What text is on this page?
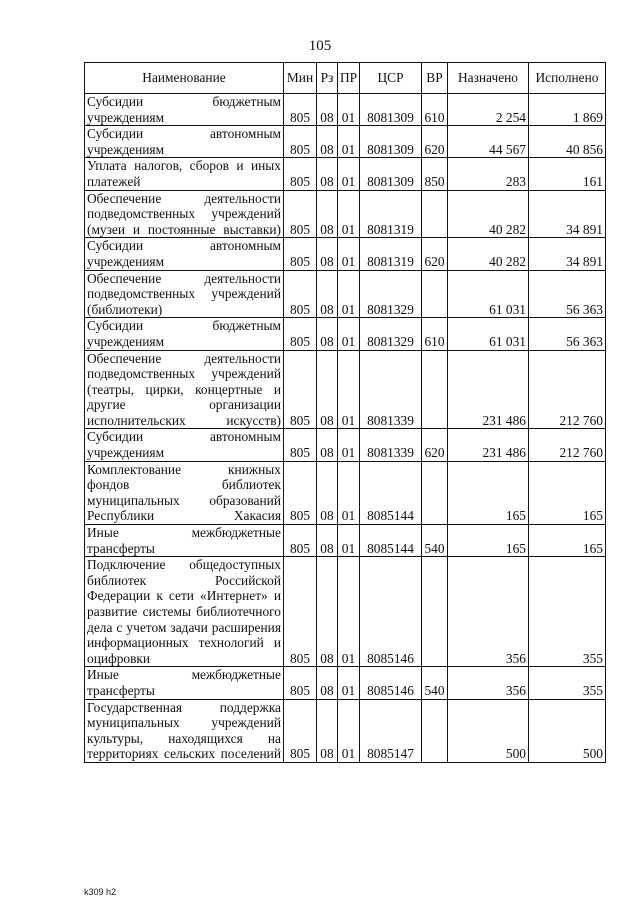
105
Наименование	Мин	Рз	ПР	ЦСР	ВР	Назначено	Исполнено
Субсидии бюджетным учреждениям	805	08	01	8081309	610	2 254	1 869
Субсидии автономным учреждениям	805	08	01	8081309	620	44 567	40 856
Уплата налогов, сборов и иных платежей	805	08	01	8081309	850	283	161
Обеспечение деятельности подведомственных учреждений (музеи и постоянные выставки)	805	08	01	8081319		40 282	34 891
Субсидии автономным учреждениям	805	08	01	8081319	620	40 282	34 891
Обеспечение деятельности подведомственных учреждений (библиотеки)	805	08	01	8081329		61 031	56 363
Субсидии бюджетным учреждениям	805	08	01	8081329	610	61 031	56 363
Обеспечение деятельности подведомственных учреждений (театры, цирки, концертные и другие организации исполнительских искусств)	805	08	01	8081339		231 486	212 760
Субсидии автономным учреждениям	805	08	01	8081339	620	231 486	212 760
Комплектование книжных фондов библиотек муниципальных образований Республики Хакасия	805	08	01	8085144		165	165
Иные межбюджетные трансферты	805	08	01	8085144	540	165	165
Подключение общедоступных библиотек Российской Федерации к сети «Интернет» и развитие системы библиотечного дела с учетом задачи расширения информационных технологий и оцифровки	805	08	01	8085146		356	355
Иные межбюджетные трансферты	805	08	01	8085146	540	356	355
Государственная поддержка муниципальных учреждений культуры, находящихся на территориях сельских поселений	805	08	01	8085147		500	500
k309 h2
